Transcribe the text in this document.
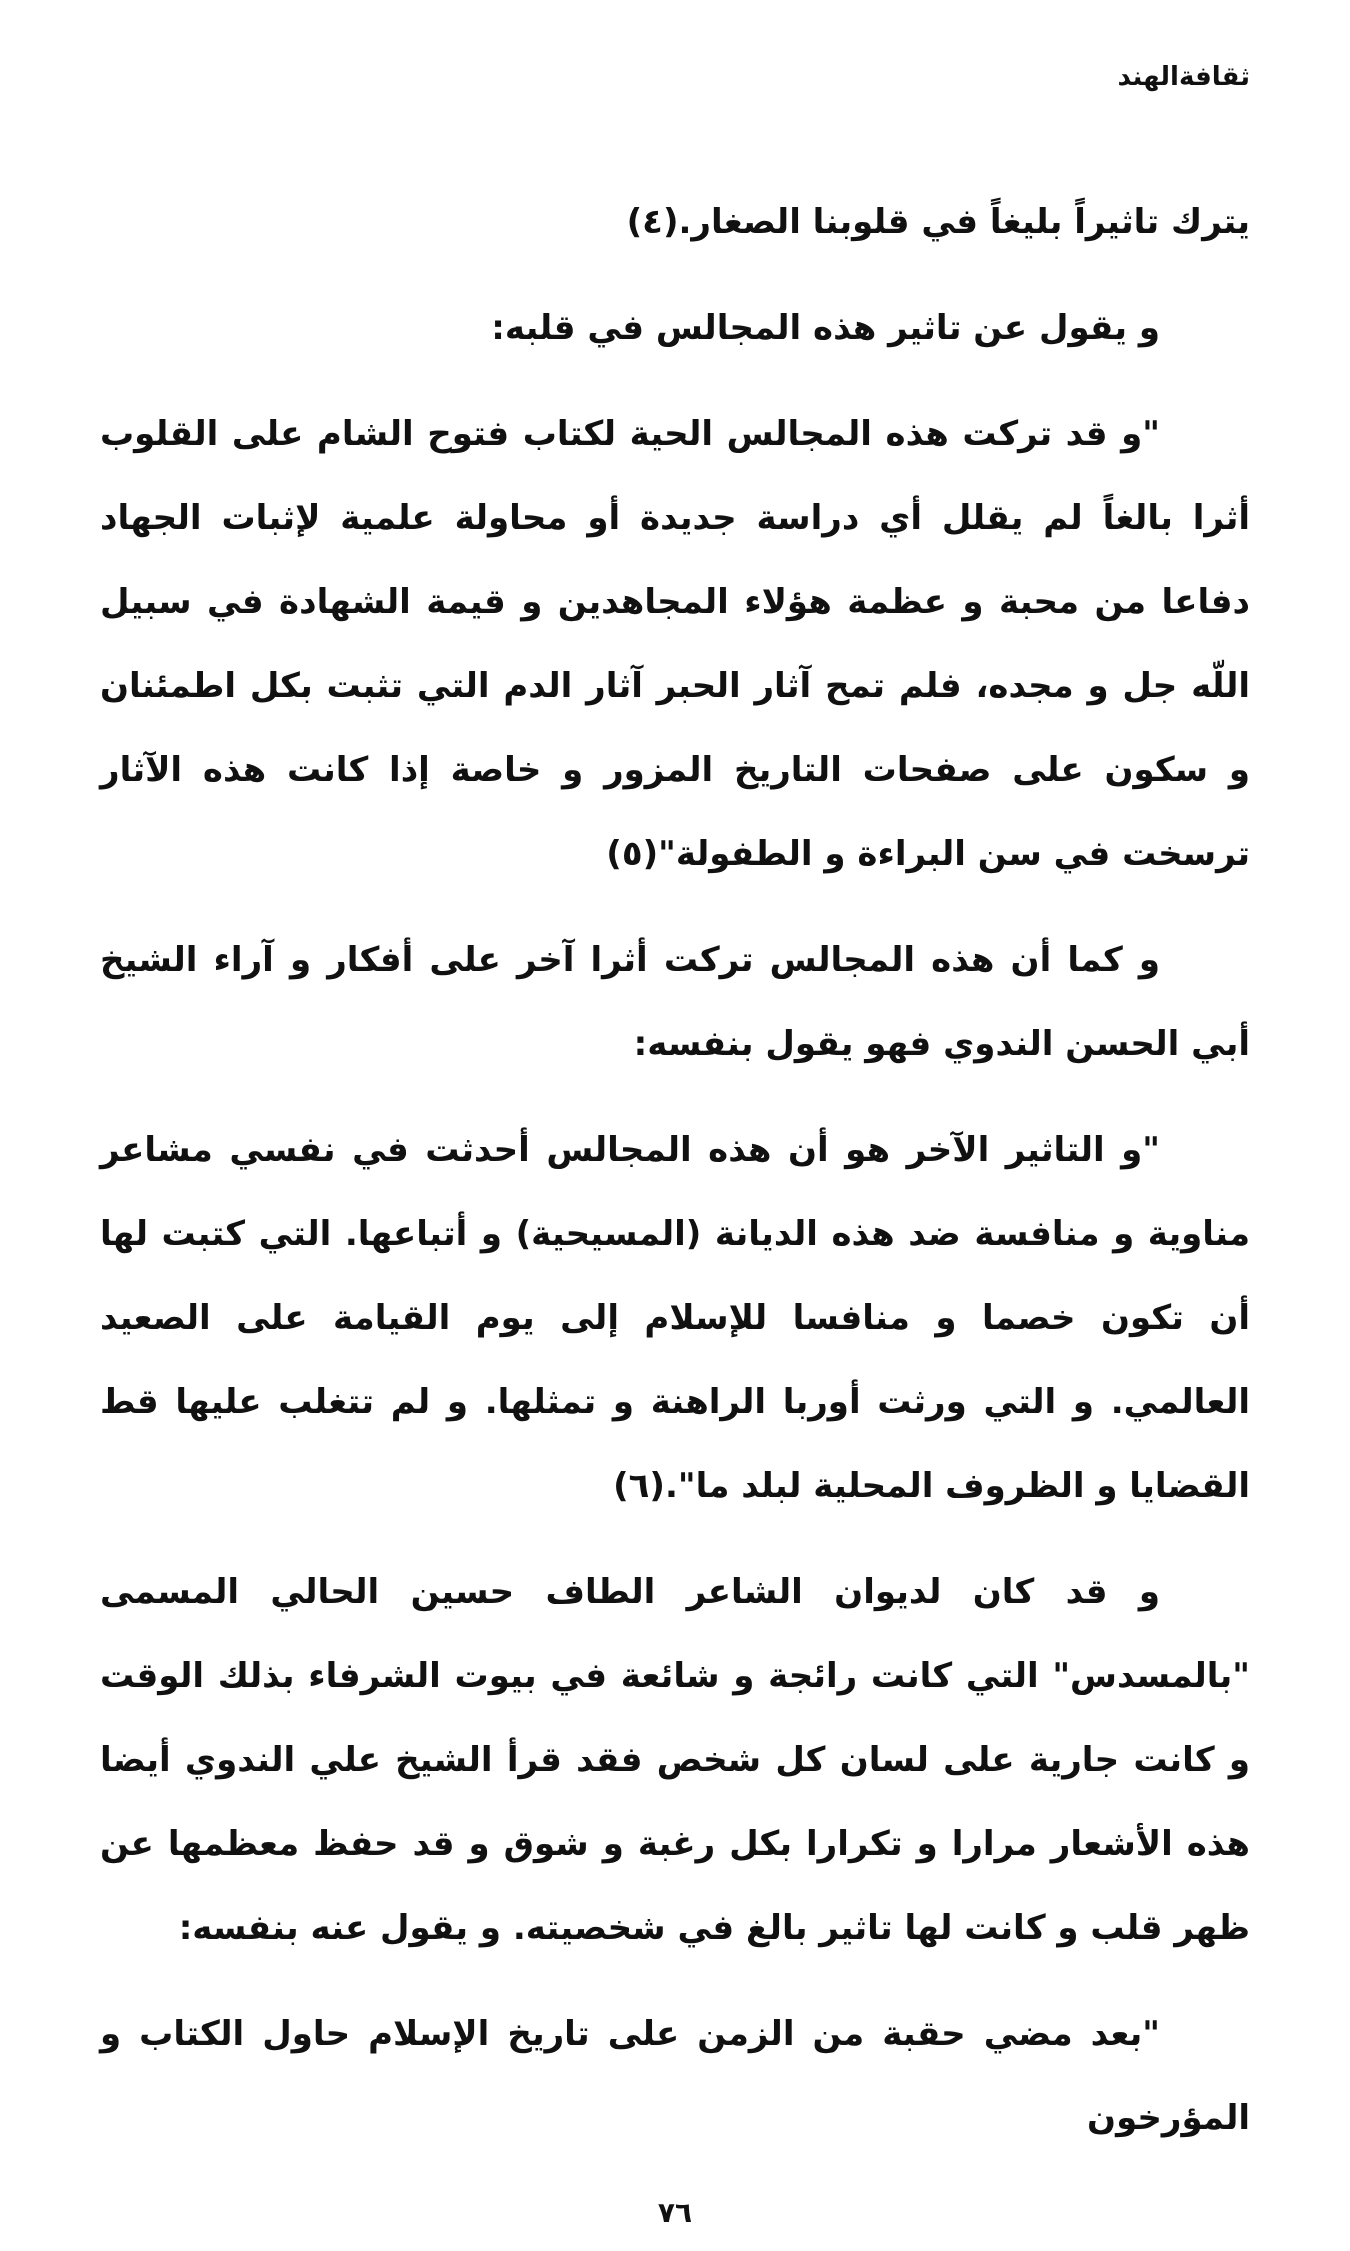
ثقافةالهند

يترك تاثيراً بليغاً في قلوبنا الصغار.(٤)

و يقول عن تاثير هذه المجالس في قلبه:

"و قد تركت هذه المجالس الحية لكتاب فتوح الشام على القلوب أثرا بالغاً لم يقلل أي دراسة جديدة أو محاولة علمية لإثبات الجهاد دفاعا من محبة و عظمة هؤلاء المجاهدين و قيمة الشهادة في سبيل اللّه جل و مجده، فلم تمح آثار الحبر آثار الدم التي تثبت بكل اطمئنان و سكون على صفحات التاريخ المزور و خاصة إذا كانت هذه الآثار ترسخت في سن البراءة و الطفولة"(٥)

و كما أن هذه المجالس تركت أثرا آخر على أفكار و آراء الشيخ أبي الحسن الندوي فهو يقول بنفسه:

"و التاثير الآخر هو أن هذه المجالس أحدثت في نفسي مشاعر مناوية و منافسة ضد هذه الديانة (المسيحية) و أتباعها. التي كتبت لها أن تكون خصما و منافسا للإسلام إلى يوم القيامة على الصعيد العالمي. و التي ورثت أوربا الراهنة و تمثلها. و لم تتغلب عليها قط القضايا و الظروف المحلية لبلد ما".(٦)

و قد كان لديوان الشاعر الطاف حسين الحالي المسمى "بالمسدس" التي كانت رائجة و شائعة في بيوت الشرفاء بذلك الوقت و كانت جارية على لسان كل شخص فقد قرأ الشيخ علي الندوي أيضا هذه الأشعار مرارا و تكرارا بكل رغبة و شوق و قد حفظ معظمها عن ظهر قلب و كانت لها تاثير بالغ في شخصيته. و يقول عنه بنفسه:

"بعد مضي حقبة من الزمن على تاريخ الإسلام حاول الكتاب و المؤرخون

٧٦
